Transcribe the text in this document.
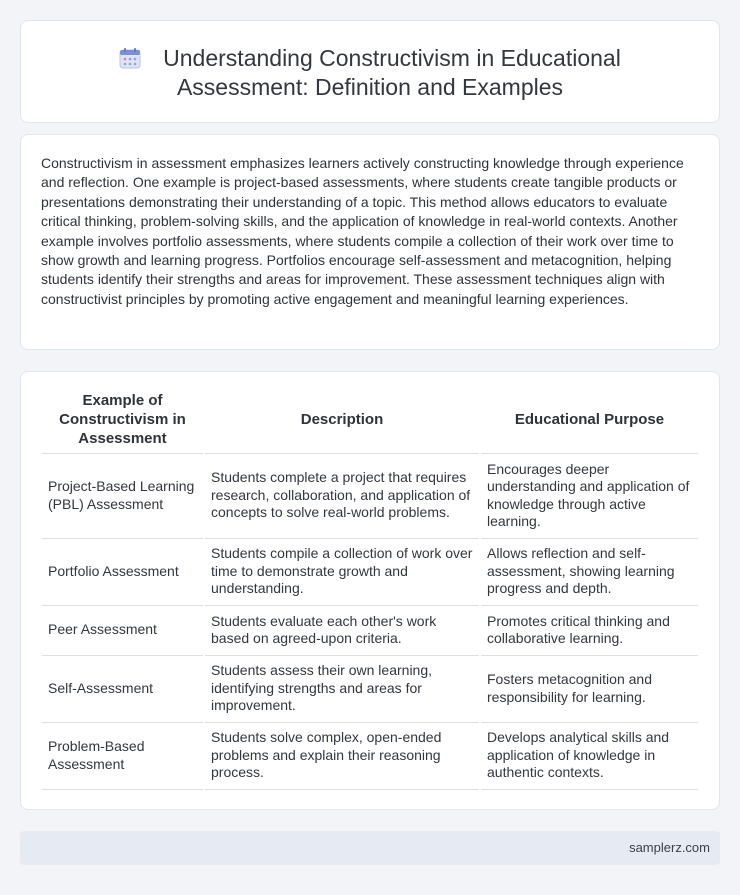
Understanding Constructivism in Educational
Assessment: Definition and Examples

Constructivism in assessment emphasizes learners actively constructing knowledge through experience and reflection. One example is project-based assessments, where students create tangible products or presentations demonstrating their understanding of a topic. This method allows educators to evaluate critical thinking, problem-solving skills, and the application of knowledge in real-world contexts. Another example involves portfolio assessments, where students compile a collection of their work over time to show growth and learning progress. Portfolios encourage self-assessment and metacognition, helping students identify their strengths and areas for improvement. These assessment techniques align with constructivist principles by promoting active engagement and meaningful learning experiences.

Example of Constructivism in Assessment	Description	Educational Purpose
Project-Based Learning (PBL) Assessment	Students complete a project that requires research, collaboration, and application of concepts to solve real-world problems.	Encourages deeper understanding and application of knowledge through active learning.
Portfolio Assessment	Students compile a collection of work over time to demonstrate growth and understanding.	Allows reflection and self-assessment, showing learning progress and depth.
Peer Assessment	Students evaluate each other's work based on agreed-upon criteria.	Promotes critical thinking and collaborative learning.
Self-Assessment	Students assess their own learning, identifying strengths and areas for improvement.	Fosters metacognition and responsibility for learning.
Problem-Based Assessment	Students solve complex, open-ended problems and explain their reasoning process.	Develops analytical skills and application of knowledge in authentic contexts.
samplerz.com
